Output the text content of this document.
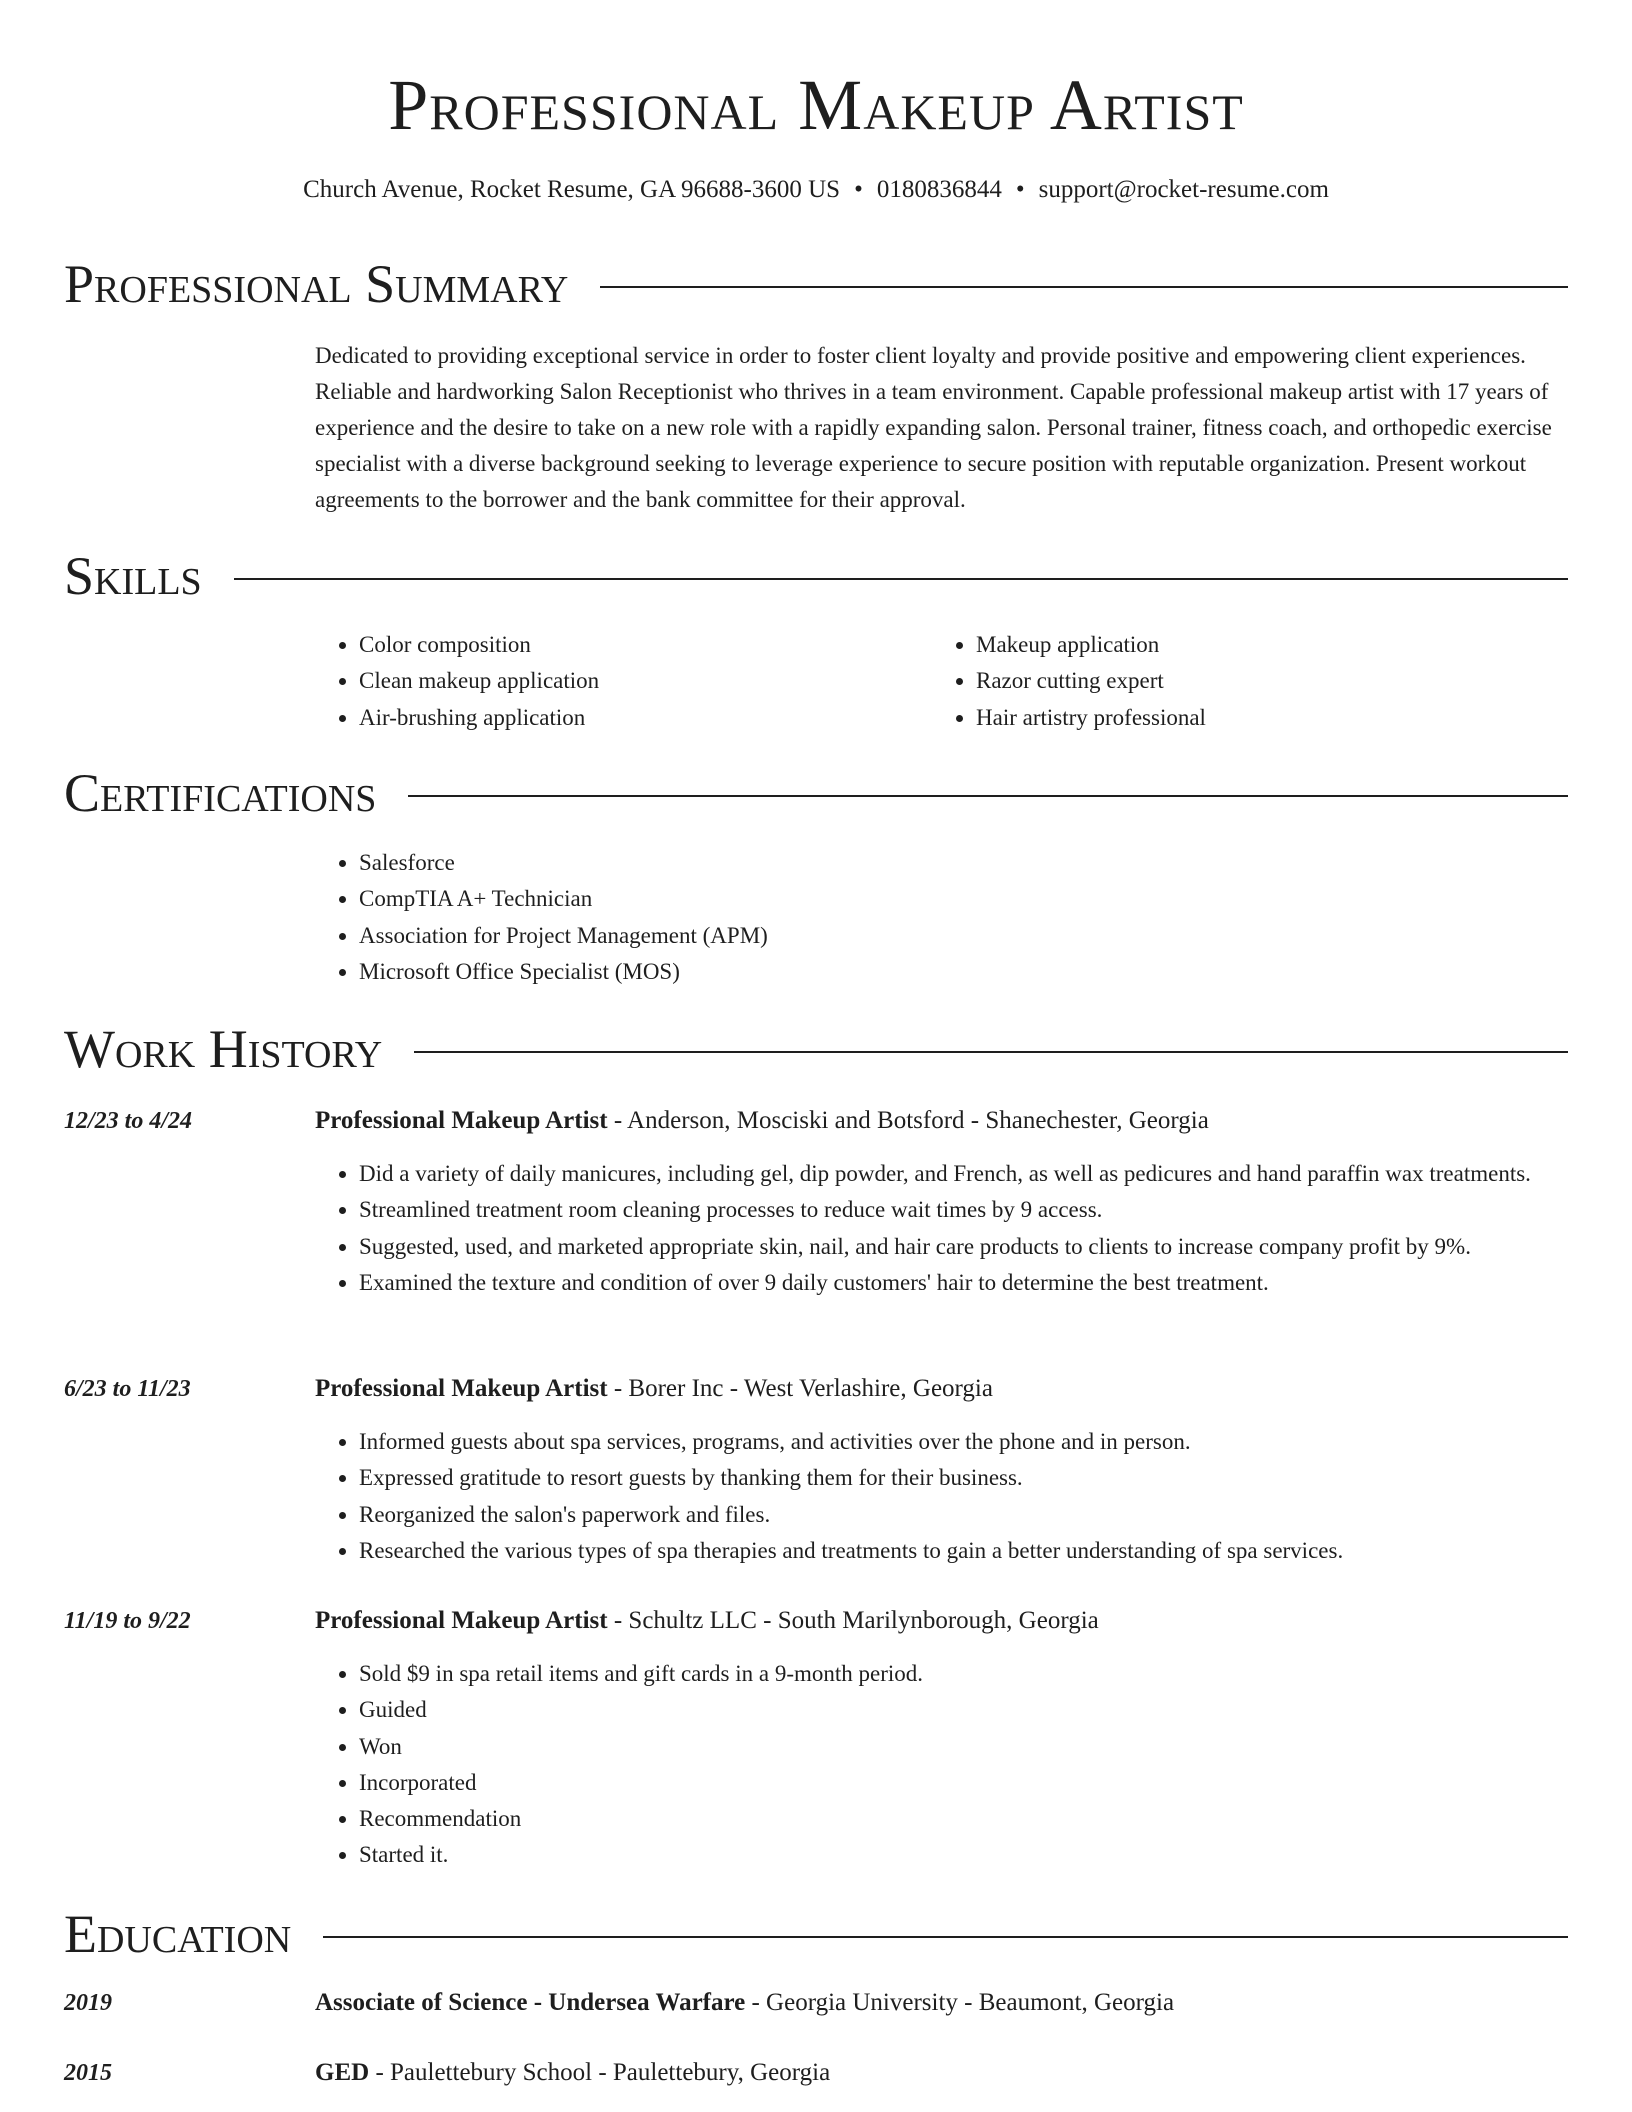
Professional Makeup Artist
Church Avenue, Rocket Resume, GA 96688-3600 US • 0180836844 • support@rocket-resume.com
Professional Summary

Dedicated to providing exceptional service in order to foster client loyalty and provide positive and empowering client experiences. Reliable and hardworking Salon Receptionist who thrives in a team environment. Capable professional makeup artist with 17 years of experience and the desire to take on a new role with a rapidly expanding salon. Personal trainer, fitness coach, and orthopedic exercise specialist with a diverse background seeking to leverage experience to secure position with reputable organization. Present workout agreements to the borrower and the bank committee for their approval.

Skills
• Color composition
• Clean makeup application
• Air-brushing application
• Makeup application
• Razor cutting expert
• Hair artistry professional
Certifications
• Salesforce
• CompTIA A+ Technician
• Association for Project Management (APM)
• Microsoft Office Specialist (MOS)
Work History
12/23 to 4/24	Professional Makeup Artist - Anderson, Mosciski and Botsford - Shanechester, Georgia
• Did a variety of daily manicures, including gel, dip powder, and French, as well as pedicures and hand paraffin wax treatments.
• Streamlined treatment room cleaning processes to reduce wait times by 9 access.
• Suggested, used, and marketed appropriate skin, nail, and hair care products to clients to increase company profit by 9%.
• Examined the texture and condition of over 9 daily customers' hair to determine the best treatment.
6/23 to 11/23	Professional Makeup Artist - Borer Inc - West Verlashire, Georgia
• Informed guests about spa services, programs, and activities over the phone and in person.
• Expressed gratitude to resort guests by thanking them for their business.
• Reorganized the salon's paperwork and files.
• Researched the various types of spa therapies and treatments to gain a better understanding of spa services.
11/19 to 9/22	Professional Makeup Artist - Schultz LLC - South Marilynborough, Georgia
• Sold $9 in spa retail items and gift cards in a 9-month period.
• Guided
• Won
• Incorporated
• Recommendation
• Started it.
Education
2019	Associate of Science - Undersea Warfare - Georgia University - Beaumont, Georgia
2015	GED - Paulettebury School - Paulettebury, Georgia
